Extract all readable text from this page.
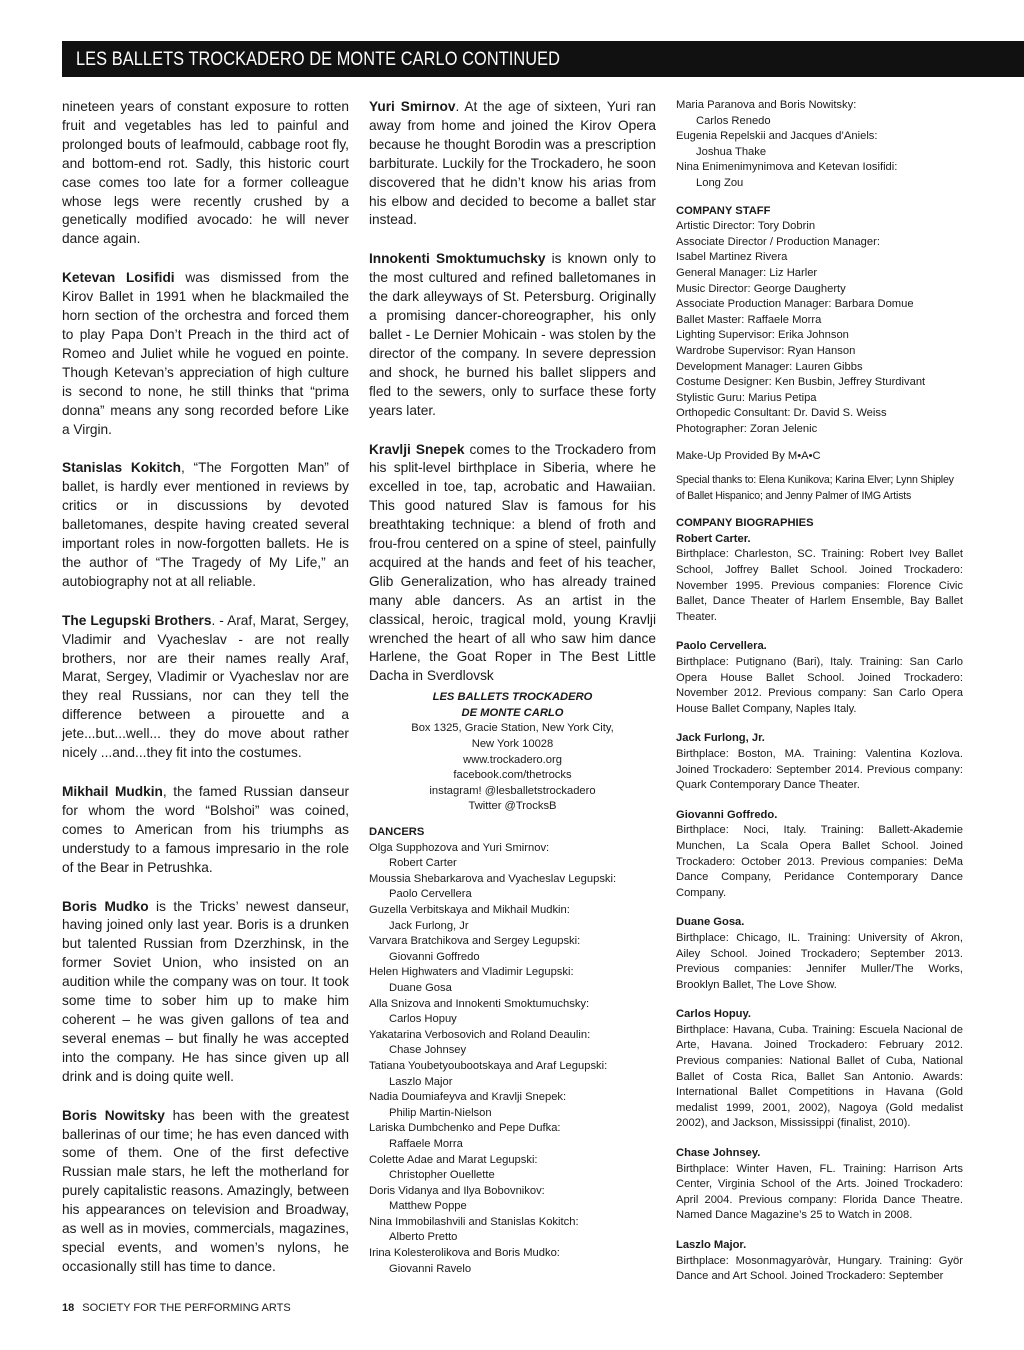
LES BALLETS TROCKADERO DE MONTE CARLO CONTINUED

nineteen years of constant exposure to rotten fruit and vegetables has led to painful and prolonged bouts of leafmould, cabbage root fly, and bottom-end rot. Sadly, this historic court case comes too late for a former colleague whose legs were recently crushed by a genetically modified avocado: he will never dance again.

Ketevan Losifidi was dismissed from the Kirov Ballet in 1991 when he blackmailed the horn section of the orchestra and forced them to play Papa Don’t Preach in the third act of Romeo and Juliet while he vogued en pointe. Though Ketevan’s appreciation of high culture is second to none, he still thinks that “prima donna” means any song recorded before Like a Virgin.

Stanislas Kokitch, “The Forgotten Man” of ballet, is hardly ever mentioned in reviews by critics or in discussions by devoted balletomanes, despite having created several important roles in now-forgotten ballets. He is the author of “The Tragedy of My Life,” an autobiography not at all reliable.

The Legupski Brothers. - Araf, Marat, Sergey, Vladimir and Vyacheslav - are not really brothers, nor are their names really Araf, Marat, Sergey, Vladimir or Vyacheslav nor are they real Russians, nor can they tell the difference between a pirouette and a jete...but...well... they do move about rather nicely ...and...they fit into the costumes.

Mikhail Mudkin, the famed Russian danseur for whom the word “Bolshoi” was coined, comes to American from his triumphs as understudy to a famous impresario in the role of the Bear in Petrushka.

Boris Mudko is the Tricks’ newest danseur, having joined only last year. Boris is a drunken but talented Russian from Dzerzhinsk, in the former Soviet Union, who insisted on an audition while the company was on tour. It took some time to sober him up to make him coherent – he was given gallons of tea and several enemas – but finally he was accepted into the company. He has since given up all drink and is doing quite well.

Boris Nowitsky has been with the greatest ballerinas of our time; he has even danced with some of them. One of the first defective Russian male stars, he left the motherland for purely capitalistic reasons. Amazingly, between his appearances on television and Broadway, as well as in movies, commercials, magazines, special events, and women’s nylons, he occasionally still has time to dance.

Yuri Smirnov. At the age of sixteen, Yuri ran away from home and joined the Kirov Opera because he thought Borodin was a prescription barbiturate. Luckily for the Trockadero, he soon discovered that he didn’t know his arias from his elbow and decided to become a ballet star instead.

Innokenti Smoktumuchsky is known only to the most cultured and refined balletomanes in the dark alleyways of St. Petersburg. Originally a promising dancer-choreographer, his only ballet - Le Dernier Mohicain - was stolen by the director of the company. In severe depression and shock, he burned his ballet slippers and fled to the sewers, only to surface these forty years later.

Kravlji Snepek comes to the Trockadero from his split-level birthplace in Siberia, where he excelled in toe, tap, acrobatic and Hawaiian. This good natured Slav is famous for his breathtaking technique: a blend of froth and frou-frou centered on a spine of steel, painfully acquired at the hands and feet of his teacher, Glib Generalization, who has already trained many able dancers. As an artist in the classical, heroic, tragical mold, young Kravlji wrenched the heart of all who saw him dance Harlene, the Goat Roper in The Best Little Dacha in Sverdlovsk

LES BALLETS TROCKADERO
DE MONTE CARLO
Box 1325, Gracie Station, New York City,
New York 10028
www.trockadero.org
facebook.com/thetrocks
instagram! @lesballetstrockadero
Twitter @TrocksB

DANCERS

Olga Supphozova and Yuri Smirnov:

Robert Carter

Moussia Shebarkarova and Vyacheslav Legupski:

Paolo Cervellera

Guzella Verbitskaya and Mikhail Mudkin:

Jack Furlong, Jr

Varvara Bratchikova and Sergey Legupski:

Giovanni Goffredo

Helen Highwaters and Vladimir Legupski:

Duane Gosa

Alla Snizova and Innokenti Smoktumuchsky:

Carlos Hopuy

Yakatarina Verbosovich and Roland Deaulin:

Chase Johnsey

Tatiana Youbetyoubootskaya and Araf Legupski:

Laszlo Major

Nadia Doumiafeyva and Kravlji Snepek:

Philip Martin-Nielson

Lariska Dumbchenko and Pepe Dufka:

Raffaele Morra

Colette Adae and Marat Legupski:

Christopher Ouellette

Doris Vidanya and Ilya Bobovnikov:

Matthew Poppe

Nina Immobilashvili and Stanislas Kokitch:

Alberto Pretto

Irina Kolesterolikova and Boris Mudko:

Giovanni Ravelo

Maria Paranova and Boris Nowitsky:

Carlos Renedo

Eugenia Repelskii and Jacques d’Aniels:

Joshua Thake

Nina Enimenimynimova and Ketevan Iosifidi:

Long Zou

COMPANY STAFF

Artistic Director: Tory Dobrin

Associate Director / Production Manager:

Isabel Martinez Rivera

General Manager: Liz Harler

Music Director: George Daugherty

Associate Production Manager: Barbara Domue

Ballet Master: Raffaele Morra

Lighting Supervisor: Erika Johnson

Wardrobe Supervisor: Ryan Hanson

Development Manager: Lauren Gibbs

Costume Designer: Ken Busbin, Jeffrey Sturdivant

Stylistic Guru: Marius Petipa

Orthopedic Consultant: Dr. David S. Weiss

Photographer: Zoran Jelenic

Make-Up Provided By M•A•C

Special thanks to: Elena Kunikova; Karina Elver; Lynn Shipley of Ballet Hispanico; and Jenny Palmer of IMG Artists

COMPANY BIOGRAPHIES

Robert Carter.

Birthplace: Charleston, SC. Training: Robert Ivey Ballet School, Joffrey Ballet School. Joined Trockadero: November 1995. Previous companies: Florence Civic Ballet, Dance Theater of Harlem Ensemble, Bay Ballet Theater.

Paolo Cervellera.

Birthplace: Putignano (Bari), Italy. Training: San Carlo Opera House Ballet School. Joined Trockadero: November 2012. Previous company: San Carlo Opera House Ballet Company, Naples Italy.

Jack Furlong, Jr.

Birthplace: Boston, MA. Training: Valentina Kozlova. Joined Trockadero: September 2014. Previous company: Quark Contemporary Dance Theater.

Giovanni Goffredo.

Birthplace: Noci, Italy. Training: Ballett-Akademie Munchen, La Scala Opera Ballet School. Joined Trockadero: October 2013. Previous companies: DeMa Dance Company, Peridance Contemporary Dance Company.

Duane Gosa.

Birthplace: Chicago, IL. Training: University of Akron, Ailey School. Joined Trockadero; September 2013. Previous companies: Jennifer Muller/The Works, Brooklyn Ballet, The Love Show.

Carlos Hopuy.

Birthplace: Havana, Cuba. Training: Escuela Nacional de Arte, Havana. Joined Trockadero: February 2012. Previous companies: National Ballet of Cuba, National Ballet of Costa Rica, Ballet San Antonio. Awards: International Ballet Competitions in Havana (Gold medalist 1999, 2001, 2002), Nagoya (Gold medalist 2002), and Jackson, Mississippi (finalist, 2010).

Chase Johnsey.

Birthplace: Winter Haven, FL. Training: Harrison Arts Center, Virginia School of the Arts. Joined Trockadero: April 2004. Previous company: Florida Dance Theatre. Named Dance Magazine’s 25 to Watch in 2008.

Laszlo Major.

Birthplace: Mosonmagyaròvàr, Hungary. Training: Györ Dance and Art School. Joined Trockadero: September

18 SOCIETY FOR THE PERFORMING ARTS
